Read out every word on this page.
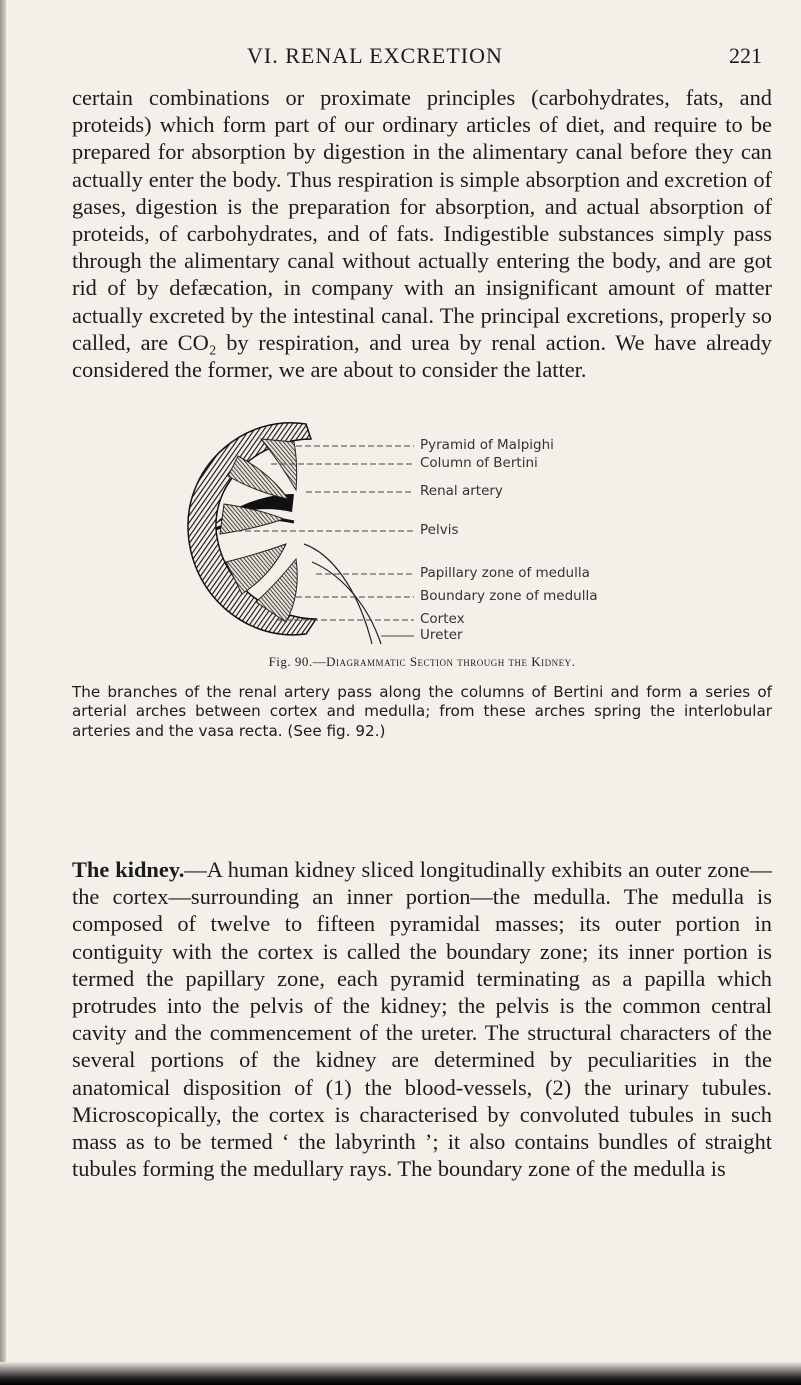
VI. RENAL EXCRETION	221

certain combinations or proximate principles (carbohydrates, fats, and proteids) which form part of our ordinary articles of diet, and require to be prepared for absorption by digestion in the alimentary canal before they can actually enter the body. Thus respiration is simple absorption and excretion of gases, digestion is the preparation for absorption, and actual absorption of proteids, of carbohydrates, and of fats. Indigestible substances simply pass through the alimentary canal without actually entering the body, and are got rid of by defæcation, in company with an insignificant amount of matter actually excreted by the intestinal canal. The principal excretions, properly so called, are CO₂ by respiration, and urea by renal action. We have already considered the former, we are about to consider the latter.

Pyramid of Malpighi
Column of Bertini
Renal artery
Pelvis
Papillary zone of medulla
Boundary zone of medulla
Cortex
Ureter
Fig. 90.—Diagrammatic Section through the Kidney.

The branches of the renal artery pass along the columns of Bertini and form a series of arterial arches between cortex and medulla; from these arches spring the interlobular arteries and the vasa recta. (See fig. 92.)

The kidney.—A human kidney sliced longitudinally exhibits an outer zone—the cortex—surrounding an inner portion—the medulla. The medulla is composed of twelve to fifteen pyramidal masses; its outer portion in contiguity with the cortex is called the boundary zone; its inner portion is termed the papillary zone, each pyramid terminating as a papilla which protrudes into the pelvis of the kidney; the pelvis is the common central cavity and the commencement of the ureter. The structural characters of the several portions of the kidney are determined by peculiarities in the anatomical disposition of (1) the blood-vessels, (2) the urinary tubules. Microscopically, the cortex is characterised by convoluted tubules in such mass as to be termed ‘ the labyrinth ’; it also contains bundles of straight tubules forming the medullary rays. The boundary zone of the medulla is
